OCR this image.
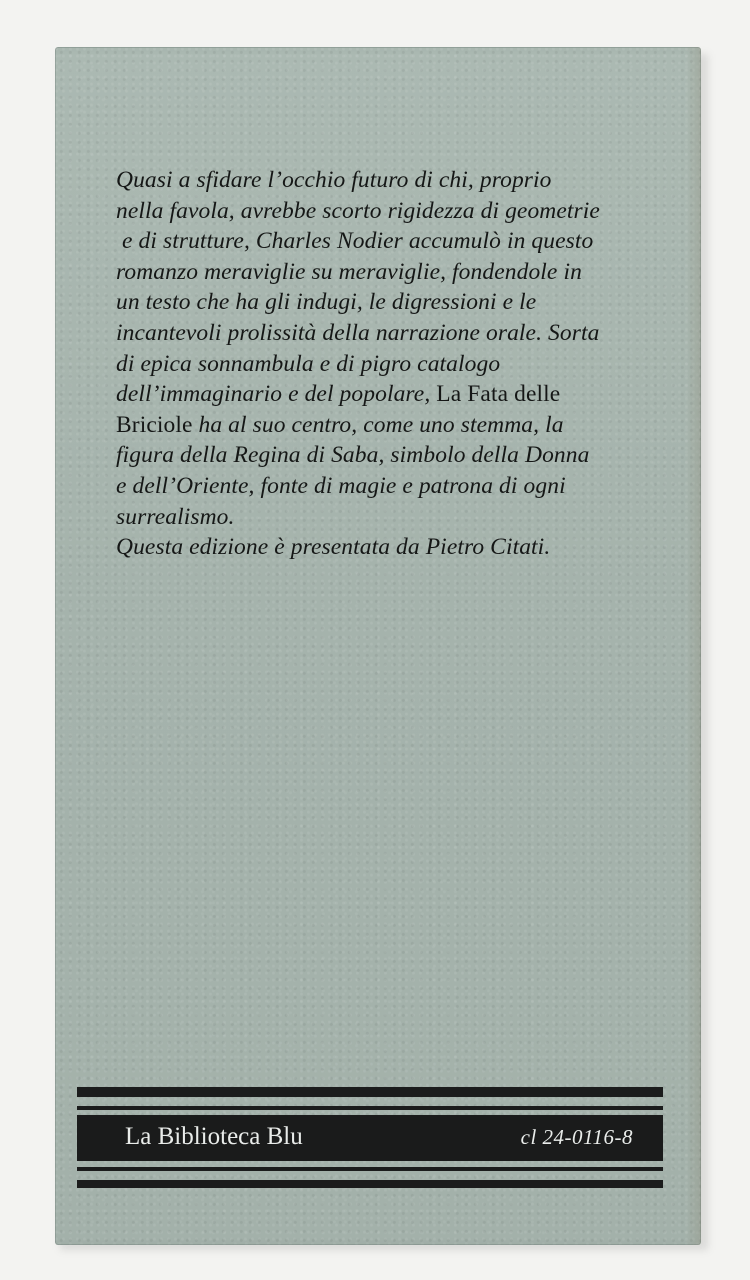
Quasi a sfidare l’occhio futuro di chi, proprio
nella favola, avrebbe scorto rigidezza di geometrie
e di strutture, Charles Nodier accumulò in questo
romanzo meraviglie su meraviglie, fondendole in
un testo che ha gli indugi, le digressioni e le
incantevoli prolissità della narrazione orale. Sorta
di epica sonnambula e di pigro catalogo
dell’immaginario e del popolare, La Fata delle
Briciole ha al suo centro, come uno stemma, la
figura della Regina di Saba, simbolo della Donna
e dell’Oriente, fonte di magie e patrona di ogni
surrealismo.
Questa edizione è presentata da Pietro Citati.
La Biblioteca Blu	cl 24-0116-8
